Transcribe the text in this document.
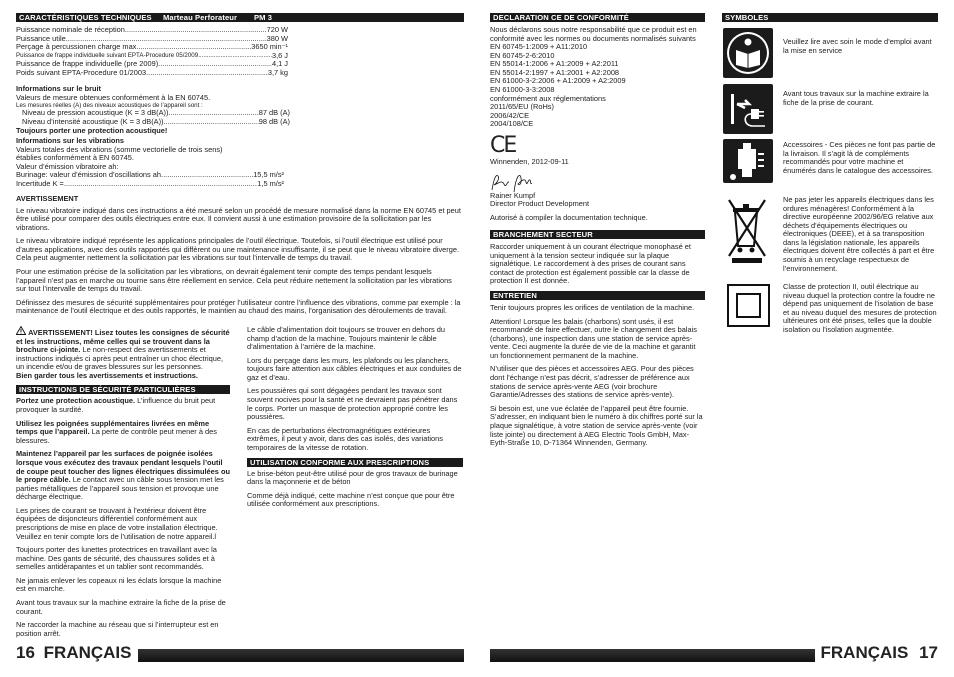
CARACTÉRISTIQUES TECHNIQUES Marteau Perforateur PM 3
Puissance nominale de réception .....	720 W
Puissance utile .....	380 W
Perçage à percussionen charge max. .....	3650 min⁻¹
Puissance de frappe individuelle suivant EPTA-Procedure 05/2009 .....	3,6 J
Puissance de frappe individuelle (pre 2009) .....	4,1 J
Poids suivant EPTA-Procedure 01/2003 .....	3,7 kg
Informations sur le bruit
Valeurs de mesure obtenues conformément à la EN 60745.
Les mesures réelles (A) des niveaux acoustiques de l’appareil sont :
Niveau de pression acoustique (K = 3 dB(A)) .....	87 dB (A)
Niveau d’intensité acoustique (K = 3 dB(A)) .....	98 dB (A)
Toujours porter une protection acoustique!
Informations sur les vibrations
Valeurs totales des vibrations (somme vectorielle de trois sens) établies conformément à EN 60745.
Valeur d’émission vibratoire ah:
Burinage: valeur d’émission d’oscillations ah .....	15,5 m/s²
Incertitude K = .....	1,5 m/s²
AVERTISSEMENT

Le niveau vibratoire indiqué dans ces instructions a été mesuré selon un procédé de mesure normalisé dans la norme EN 60745 et peut être utilisé pour comparer des outils électriques entre eux. Il convient aussi à une estimation provisoire de la sollicitation par les vibrations.

Le niveau vibratoire indiqué représente les applications principales de l’outil électrique. Toutefois, si l’outil électrique est utilisé pour d’autres applications, avec des outils rapportés qui diffèrent ou une maintenance insuffisante, il se peut que le niveau vibratoire diverge. Cela peut augmenter nettement la sollicitation par les vibrations sur tout l’intervalle de temps du travail.

Pour une estimation précise de la sollicitation par les vibrations, on devrait également tenir compte des temps pendant lesquels l’appareil n’est pas en marche ou tourne sans être réellement en service. Cela peut réduire nettement la sollicitation par les vibrations sur tout l’intervalle de temps du travail.

Définissez des mesures de sécurité supplémentaires pour protéger l’utilisateur contre l’influence des vibrations, comme par exemple : la maintenance de l’outil électrique et des outils rapportés, le maintien au chaud des mains, l’organisation des déroulements de travail.

AVERTISSEMENT! Lisez toutes les consignes de sécurité et les instructions, même celles qui se trouvent dans la brochure ci-jointe. Le non-respect des avertissements et instructions indiqués ci après peut entraîner un choc électrique, un incendie et/ou de graves blessures sur les personnes.
Bien garder tous les avertissements et instructions.

INSTRUCTIONS DE SÉCURITÉ PARTICULIÈRES

Portez une protection acoustique. L’influence du bruit peut provoquer la surdité.

Utilisez les poignées supplémentaires livrées en même temps que l’appareil. La perte de contrôle peut mener à des blessures.

Maintenez l’appareil par les surfaces de poignée isolées lorsque vous exécutez des travaux pendant lesquels l’outil de coupe peut toucher des lignes électriques dissimulées ou le propre câble. Le contact avec un câble sous tension met les parties métalliques de l’appareil sous tension et provoque une décharge électrique.

Les prises de courant se trouvant à l’extérieur doivent être équipées de disjoncteurs différentiel conformément aux prescriptions de mise en place de votre installation électrique. Veuillez en tenir compte lors de l’utilisation de notre appareil.l

Toujours porter des lunettes protectrices en travaillant avec la machine. Des gants de sécurité, des chaussures solides et à semelles antidérapantes et un tablier sont recommandés.

Ne jamais enlever les copeaux ni les éclats lorsque la machine est en marche.

Avant tous travaux sur la machine extraire la fiche de la prise de courant.

Ne raccorder la machine au réseau que si l’interrupteur est en position arrêt.

Le câble d’alimentation doit toujours se trouver en dehors du champ d’action de la machine. Toujours maintenir le câble d’alimentation à l’arrière de la machine.

Lors du perçage dans les murs, les plafonds ou les planchers, toujours faire attention aux câbles électriques et aux conduites de gaz et d’eau.

Les poussières qui sont dégagées pendant les travaux sont souvent nocives pour la santé et ne devraient pas pénétrer dans le corps. Porter un masque de protection approprié contre les poussières.

En cas de perturbations électromagnétiques extérieures extrêmes, il peut y avoir, dans des cas isolés, des variations temporaires de la vitesse de rotation.

UTILISATION CONFORME AUX PRESCRIPTIONS

Le brise-béton peut-être utilisé pour de gros travaux de burinage dans la maçonnerie et de béton

Comme déjà indiqué, cette machine n’est conçue que pour être utilisée conformément aux prescriptions.

16 FRANÇAIS
DECLARATION CE DE CONFORMITÉ
Nous déclarons sous notre responsabilité que ce produit est en conformité avec les normes ou documents normalisés suivants
EN 60745-1:2009 + A11:2010
EN 60745-2-6:2010
EN 55014-1:2006 + A1:2009 + A2:2011
EN 55014-2:1997 + A1:2001 + A2:2008
EN 61000-3-2:2006 + A1:2009 + A2:2009
EN 61000-3-3:2008
conformément aux réglementations
2011/65/EU (RoHs)
2006/42/CE
2004/108/CE
CE
Winnenden, 2012-09-11
Rainer Kumpf
Director Product Development
Autorisé à compiler la documentation technique.
BRANCHEMENT SECTEUR

Raccorder uniquement à un courant électrique monophasé et uniquement à la tension secteur indiquée sur la plaque signalétique. Le raccordement à des prises de courant sans contact de protection est également possible car la classe de protection II est donnée.

ENTRETIEN

Tenir toujours propres les orifices de ventilation de la machine.

Attention! Lorsque les balais (charbons) sont usés, il est recommandé de faire effectuer, outre le changement des balais (charbons), une inspection dans une station de service après-vente. Ceci augmente la durée de vie de la machine et garantit un fonctionnement permanent de la machine.

N’utiliser que des pièces et accessoires AEG. Pour des pièces dont l’échange n’est pas décrit, s’adresser de préférence aux stations de service après-vente AEG (voir brochure Garantie/Adresses des stations de service après-vente).

Si besoin est, une vue éclatée de l’appareil peut être fournie. S’adresser, en indiquant bien le numéro à dix chiffres porté sur la plaque signalétique, à votre station de service après-vente (voir liste jointe) ou directement à AEG Electric Tools GmbH, Max-Eyth-Straße 10, D-71364 Winnenden, Germany.

SYMBOLES
Veuillez lire avec soin le mode d’emploi avant la mise en service
Avant tous travaux sur la machine extraire la fiche de la prise de courant.
Accessoires - Ces pièces ne font pas partie de la livraison. Il s’agit là de compléments recommandés pour votre machine et énumérés dans le catalogue des accessoires.
Ne pas jeter les appareils électriques dans les ordures ménagères! Conformément à la directive européenne 2002/96/EG relative aux déchets d’équipements électriques ou électroniques (DEEE), et à sa transposition dans la législation nationale, les appareils électriques doivent être collectés à part et être soumis à un recyclage respectueux de l’environnement.
Classe de protection II, outil électrique au niveau duquel la protection contre la foudre ne dépend pas uniquement de l’isolation de base et au niveau duquel des mesures de protection ultérieures ont été prises, telles que la double isolation ou l’isolation augmentée.
FRANÇAIS 17
